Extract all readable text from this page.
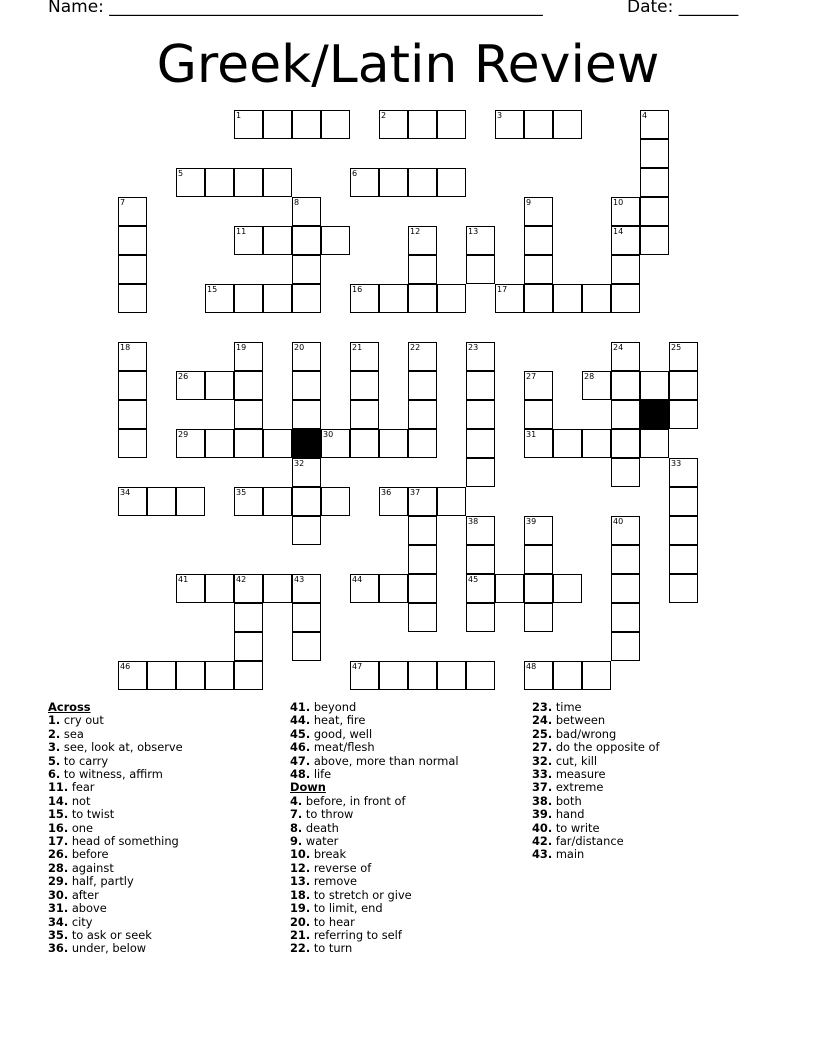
Name: ___________________________________________________	Date: _______
Greek/Latin Review
1	2	3	4
5	6
7	8	9	10
11	12	13	14
15	16	17
18	19	20	21	22	23	24	25
26	27	28
29	30	31
32	33
34	35	36 37
38	39	40
41	42	43	44	45
46	47	48
Across
1. cry out
2. sea
3. see, look at, observe
5. to carry
6. to witness, affirm
11. fear
14. not
15. to twist
16. one
17. head of something
26. before
28. against
29. half, partly
30. after
31. above
34. city
35. to ask or seek
36. under, below
41. beyond
44. heat, fire
45. good, well
46. meat/flesh
47. above, more than normal
48. life
Down
4. before, in front of
7. to throw
8. death
9. water
10. break
12. reverse of
13. remove
18. to stretch or give
19. to limit, end
20. to hear
21. referring to self
22. to turn
23. time
24. between
25. bad/wrong
27. do the opposite of
32. cut, kill
33. measure
37. extreme
38. both
39. hand
40. to write
42. far/distance
43. main
